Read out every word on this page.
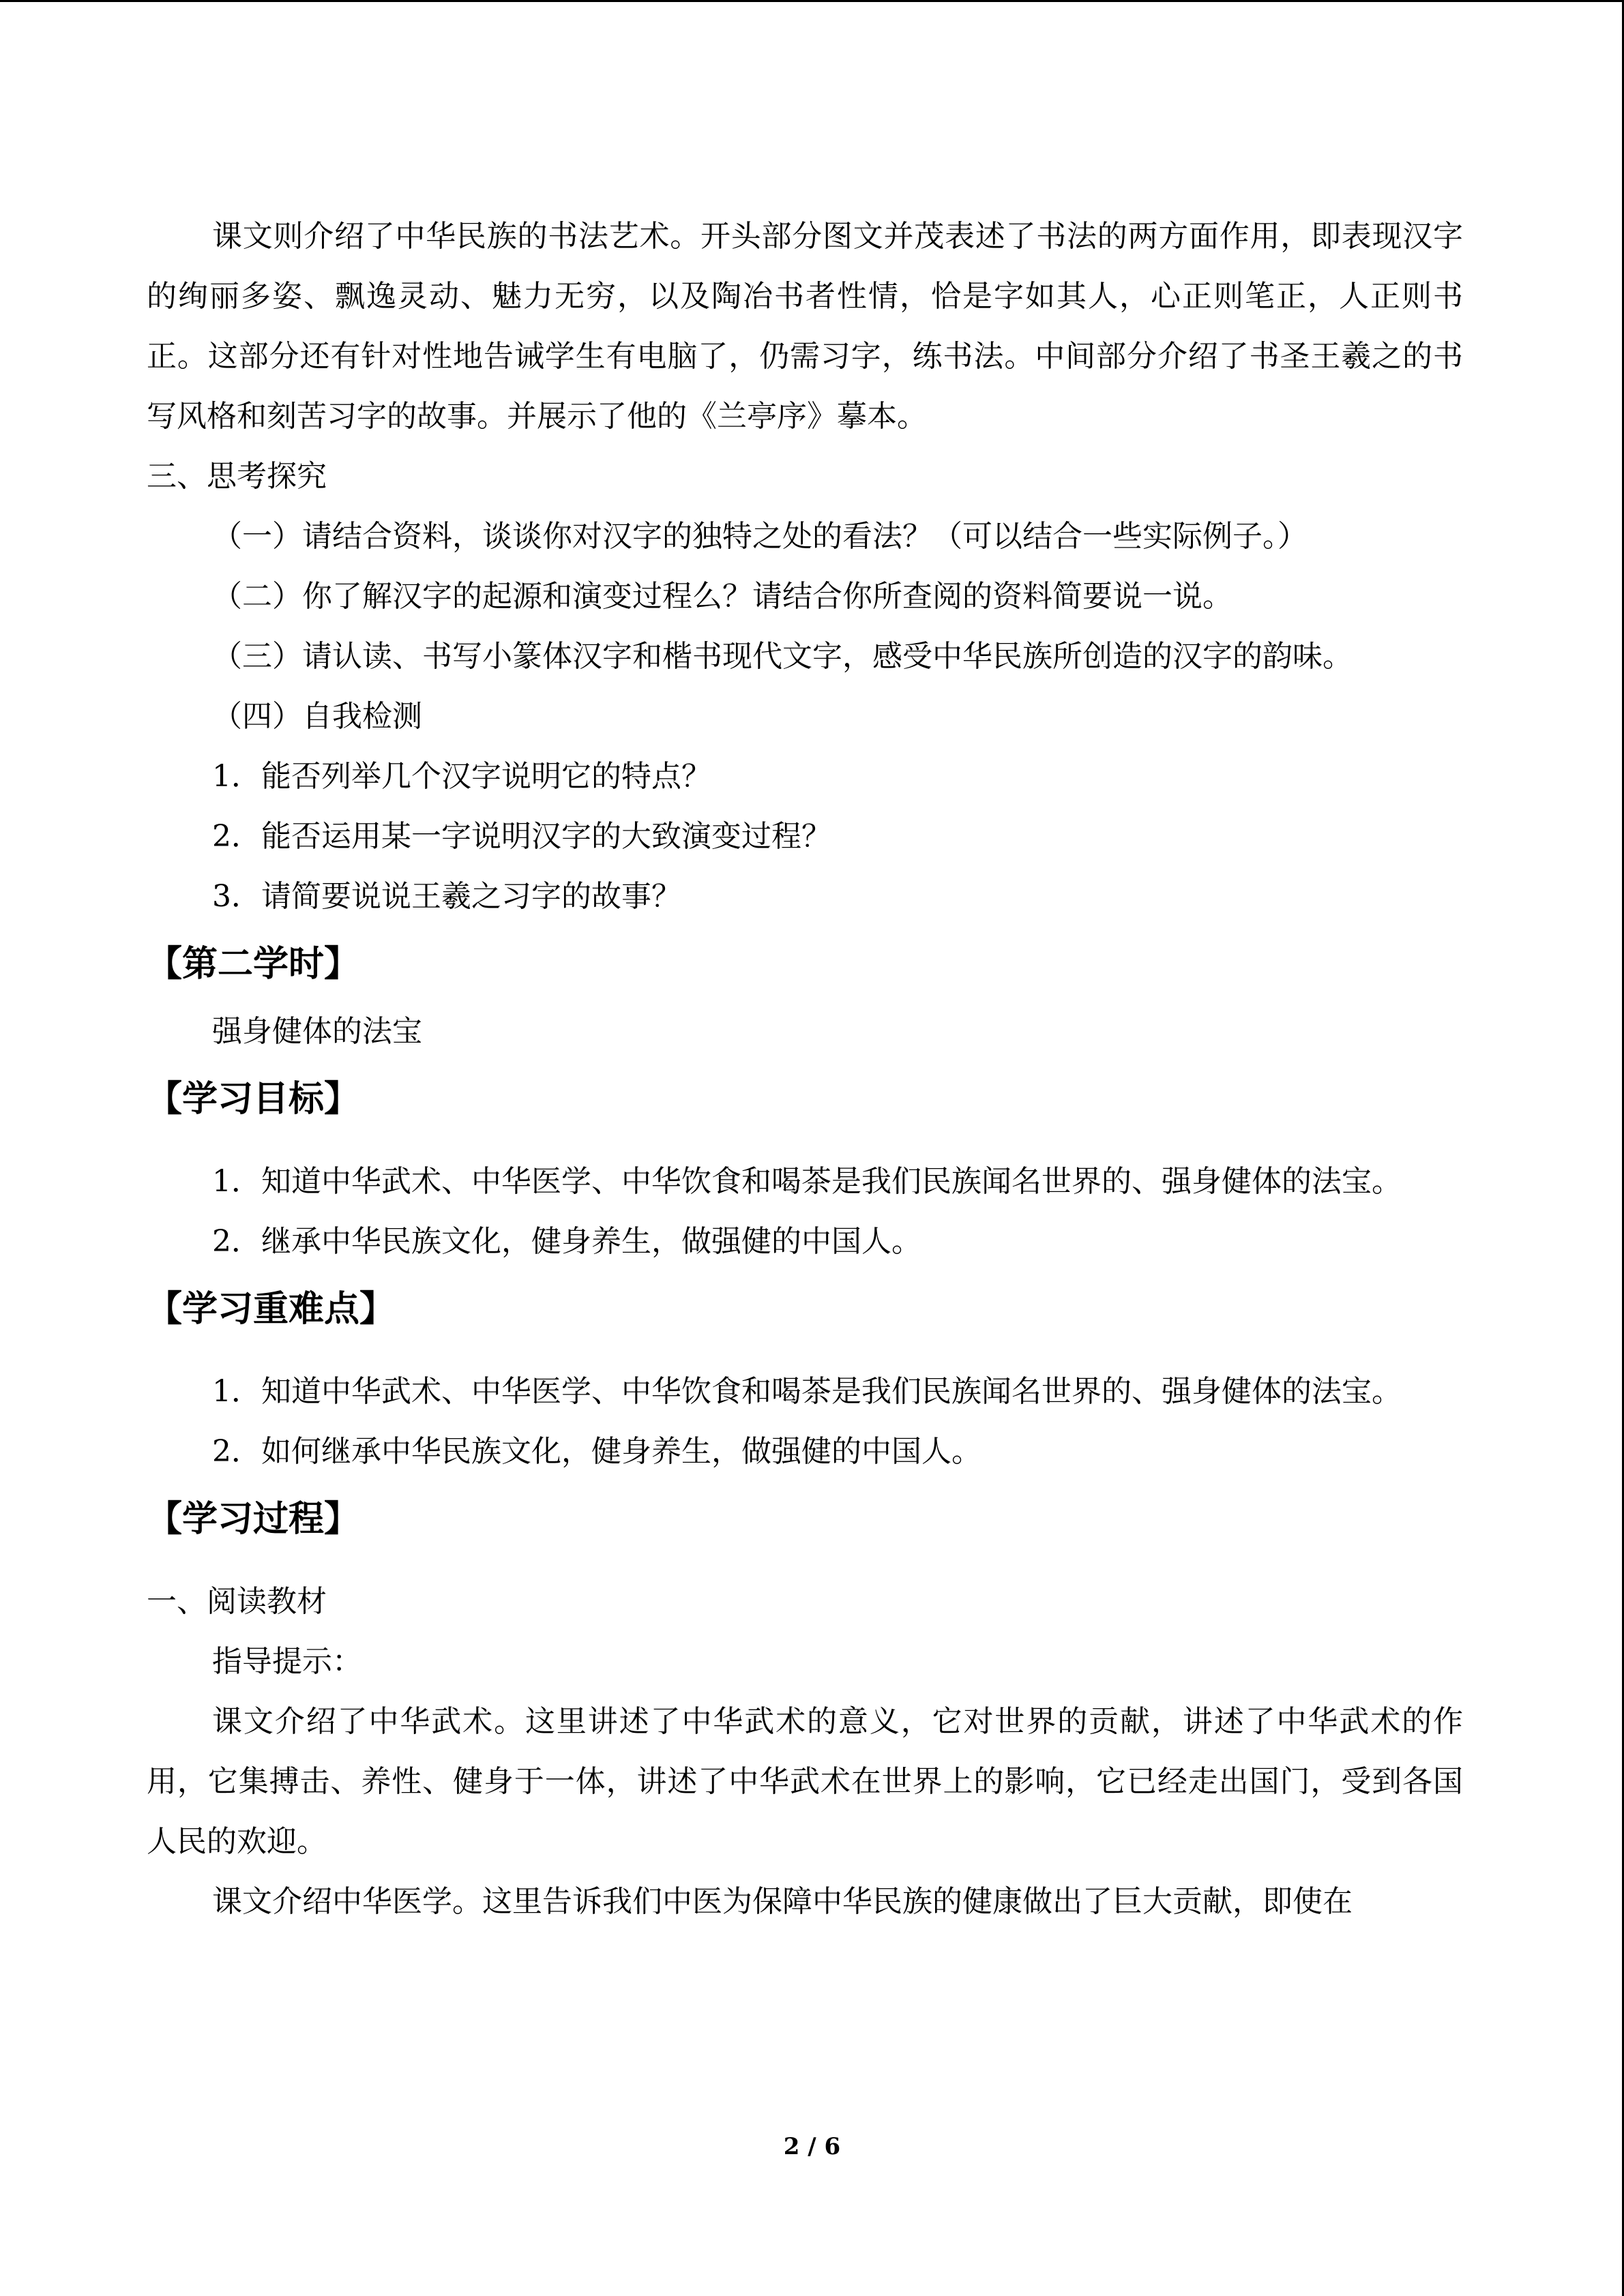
课文则介绍了中华民族的书法艺术。开头部分图文并茂表述了书法的两方面作用，即表现汉字的绚丽多姿、飘逸灵动、魅力无穷，以及陶冶书者性情，恰是字如其人，心正则笔正，人正则书正。这部分还有针对性地告诫学生有电脑了，仍需习字，练书法。中间部分介绍了书圣王羲之的书写风格和刻苦习字的故事。并展示了他的《兰亭序》摹本。

三、思考探究

（一）请结合资料，谈谈你对汉字的独特之处的看法？（可以结合一些实际例子。）

（二）你了解汉字的起源和演变过程么？请结合你所查阅的资料简要说一说。

（三）请认读、书写小篆体汉字和楷书现代文字，感受中华民族所创造的汉字的韵味。

（四）自我检测

1．能否列举几个汉字说明它的特点？

2．能否运用某一字说明汉字的大致演变过程？

3．请简要说说王羲之习字的故事？

【第二学时】

强身健体的法宝

【学习目标】

1．知道中华武术、中华医学、中华饮食和喝茶是我们民族闻名世界的、强身健体的法宝。

2．继承中华民族文化，健身养生，做强健的中国人。

【学习重难点】

1．知道中华武术、中华医学、中华饮食和喝茶是我们民族闻名世界的、强身健体的法宝。

2．如何继承中华民族文化，健身养生，做强健的中国人。

【学习过程】

一、阅读教材

指导提示：

课文介绍了中华武术。这里讲述了中华武术的意义，它对世界的贡献，讲述了中华武术的作用，它集搏击、养性、健身于一体，讲述了中华武术在世界上的影响，它已经走出国门，受到各国人民的欢迎。

课文介绍中华医学。这里告诉我们中医为保障中华民族的健康做出了巨大贡献，即使在

2 / 6
